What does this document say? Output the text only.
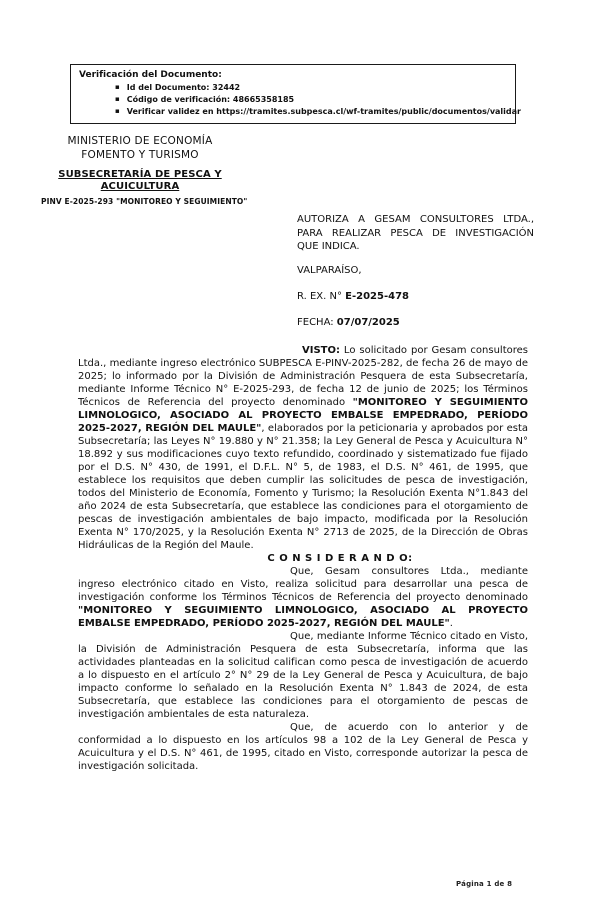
Verificación del Documento:
▪ Id del Documento: 32442
▪ Código de verificación: 48665358185
▪ Verificar validez en https://tramites.subpesca.cl/wf-tramites/public/documentos/validar
MINISTERIO DE ECONOMÍA
FOMENTO Y TURISMO
SUBSECRETARÍA DE PESCA Y
ACUICULTURA
PINV E-2025-293 "MONITOREO Y SEGUIMIENTO"
AUTORIZA A GESAM CONSULTORES LTDA., PARA REALIZAR PESCA DE INVESTIGACIÓN QUE INDICA.
VALPARAÍSO,
R. EX. N° E-2025-478
FECHA: 07/07/2025

VISTO: Lo solicitado por Gesam consultores Ltda., mediante ingreso electrónico SUBPESCA E-PINV-2025-282, de fecha 26 de mayo de 2025; lo informado por la División de Administración Pesquera de esta Subsecretaría, mediante Informe Técnico N° E-2025-293, de fecha 12 de junio de 2025; los Términos Técnicos de Referencia del proyecto denominado "MONITOREO Y SEGUIMIENTO LIMNOLOGICO, ASOCIADO AL PROYECTO EMBALSE EMPEDRADO, PERÍODO 2025-2027, REGIÓN DEL MAULE", elaborados por la peticionaria y aprobados por esta Subsecretaría; las Leyes N° 19.880 y N° 21.358; la Ley General de Pesca y Acuicultura N° 18.892 y sus modificaciones cuyo texto refundido, coordinado y sistematizado fue fijado por el D.S. N° 430, de 1991, el D.F.L. N° 5, de 1983, el D.S. N° 461, de 1995, que establece los requisitos que deben cumplir las solicitudes de pesca de investigación, todos del Ministerio de Economía, Fomento y Turismo; la Resolución Exenta N°1.843 del año 2024 de esta Subsecretaría, que establece las condiciones para el otorgamiento de pescas de investigación ambientales de bajo impacto, modificada por la Resolución Exenta N° 170/2025, y la Resolución Exenta N° 2713 de 2025, de la Dirección de Obras Hidráulicas de la Región del Maule.

C O N S I D E R A N D O:

Que, Gesam consultores Ltda., mediante ingreso electrónico citado en Visto, realiza solicitud para desarrollar una pesca de investigación conforme los Términos Técnicos de Referencia del proyecto denominado "MONITOREO Y SEGUIMIENTO LIMNOLOGICO, ASOCIADO AL PROYECTO EMBALSE EMPEDRADO, PERÍODO 2025-2027, REGIÓN DEL MAULE".

Que, mediante Informe Técnico citado en Visto, la División de Administración Pesquera de esta Subsecretaría, informa que las actividades planteadas en la solicitud califican como pesca de investigación de acuerdo a lo dispuesto en el artículo 2° N° 29 de la Ley General de Pesca y Acuicultura, de bajo impacto conforme lo señalado en la Resolución Exenta N° 1.843 de 2024, de esta Subsecretaría, que establece las condiciones para el otorgamiento de pescas de investigación ambientales de esta naturaleza.

Que, de acuerdo con lo anterior y de conformidad a lo dispuesto en los artículos 98 a 102 de la Ley General de Pesca y Acuicultura y el D.S. N° 461, de 1995, citado en Visto, corresponde autorizar la pesca de investigación solicitada.

Página 1 de 8
